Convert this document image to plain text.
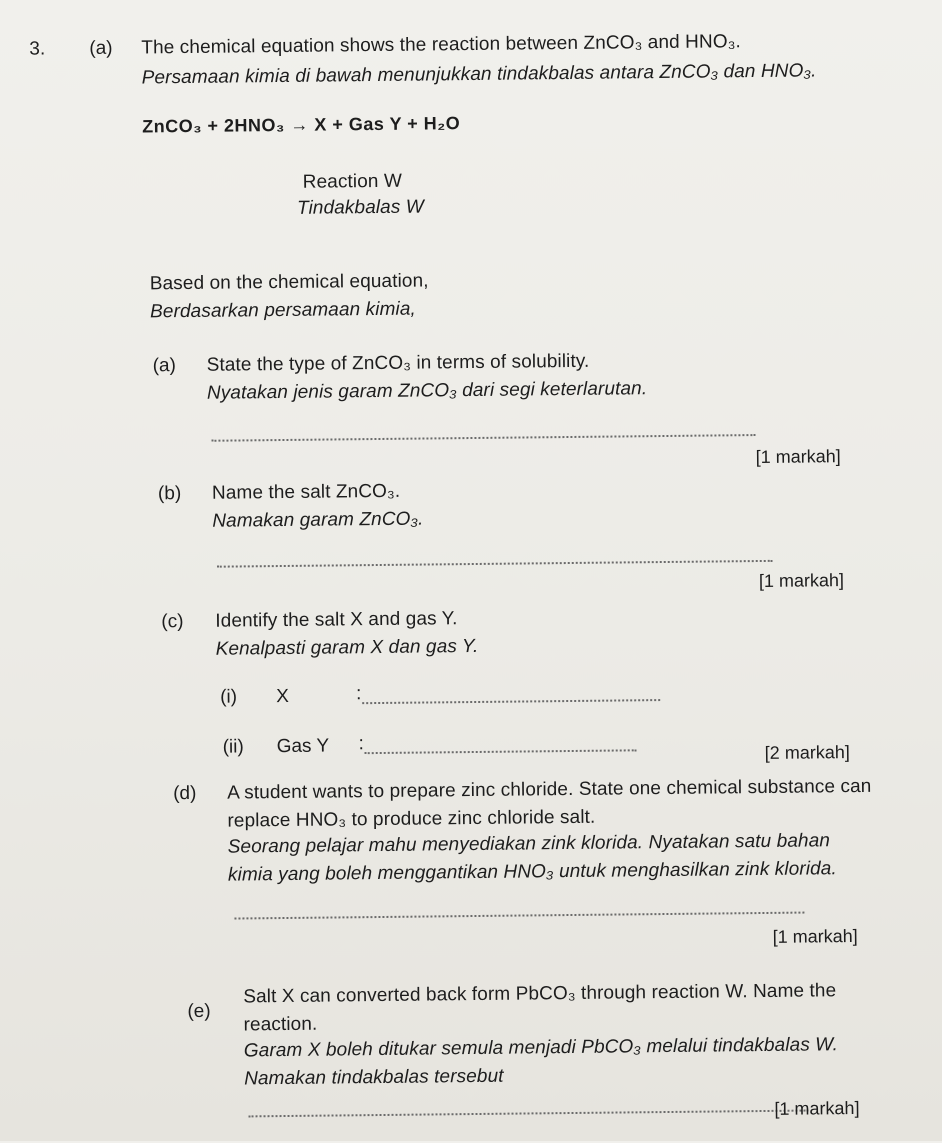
3. (a) The chemical equation shows the reaction between ZnCO₃ and HNO₃.
Persamaan kimia di bawah menunjukkan tindakbalas antara ZnCO₃ dan HNO₃.
ZnCO₃ + 2HNO₃ → X + Gas Y + H₂O
Reaction W
Tindakbalas W
Based on the chemical equation,
Berdasarkan persamaan kimia,
(a) State the type of ZnCO₃ in terms of solubility.
Nyatakan jenis garam ZnCO₃ dari segi keterlarutan.
[1 markah]
(b) Name the salt ZnCO₃.
Namakan garam ZnCO₃.
[1 markah]
(c) Identify the salt X and gas Y.
Kenalpasti garam X dan gas Y.
(i) X	:
(ii) Gas Y :	[2 markah]
(d) A student wants to prepare zinc chloride. State one chemical substance can
replace HNO₃ to produce zinc chloride salt.
Seorang pelajar mahu menyediakan zink klorida. Nyatakan satu bahan
kimia yang boleh menggantikan HNO₃ untuk menghasilkan zink klorida.
[1 markah]
(e)
Salt X can converted back form PbCO₃ through reaction W. Name the
reaction.
Garam X boleh ditukar semula menjadi PbCO₃ melalui tindakbalas W.
Namakan tindakbalas tersebut
[1 markah]
